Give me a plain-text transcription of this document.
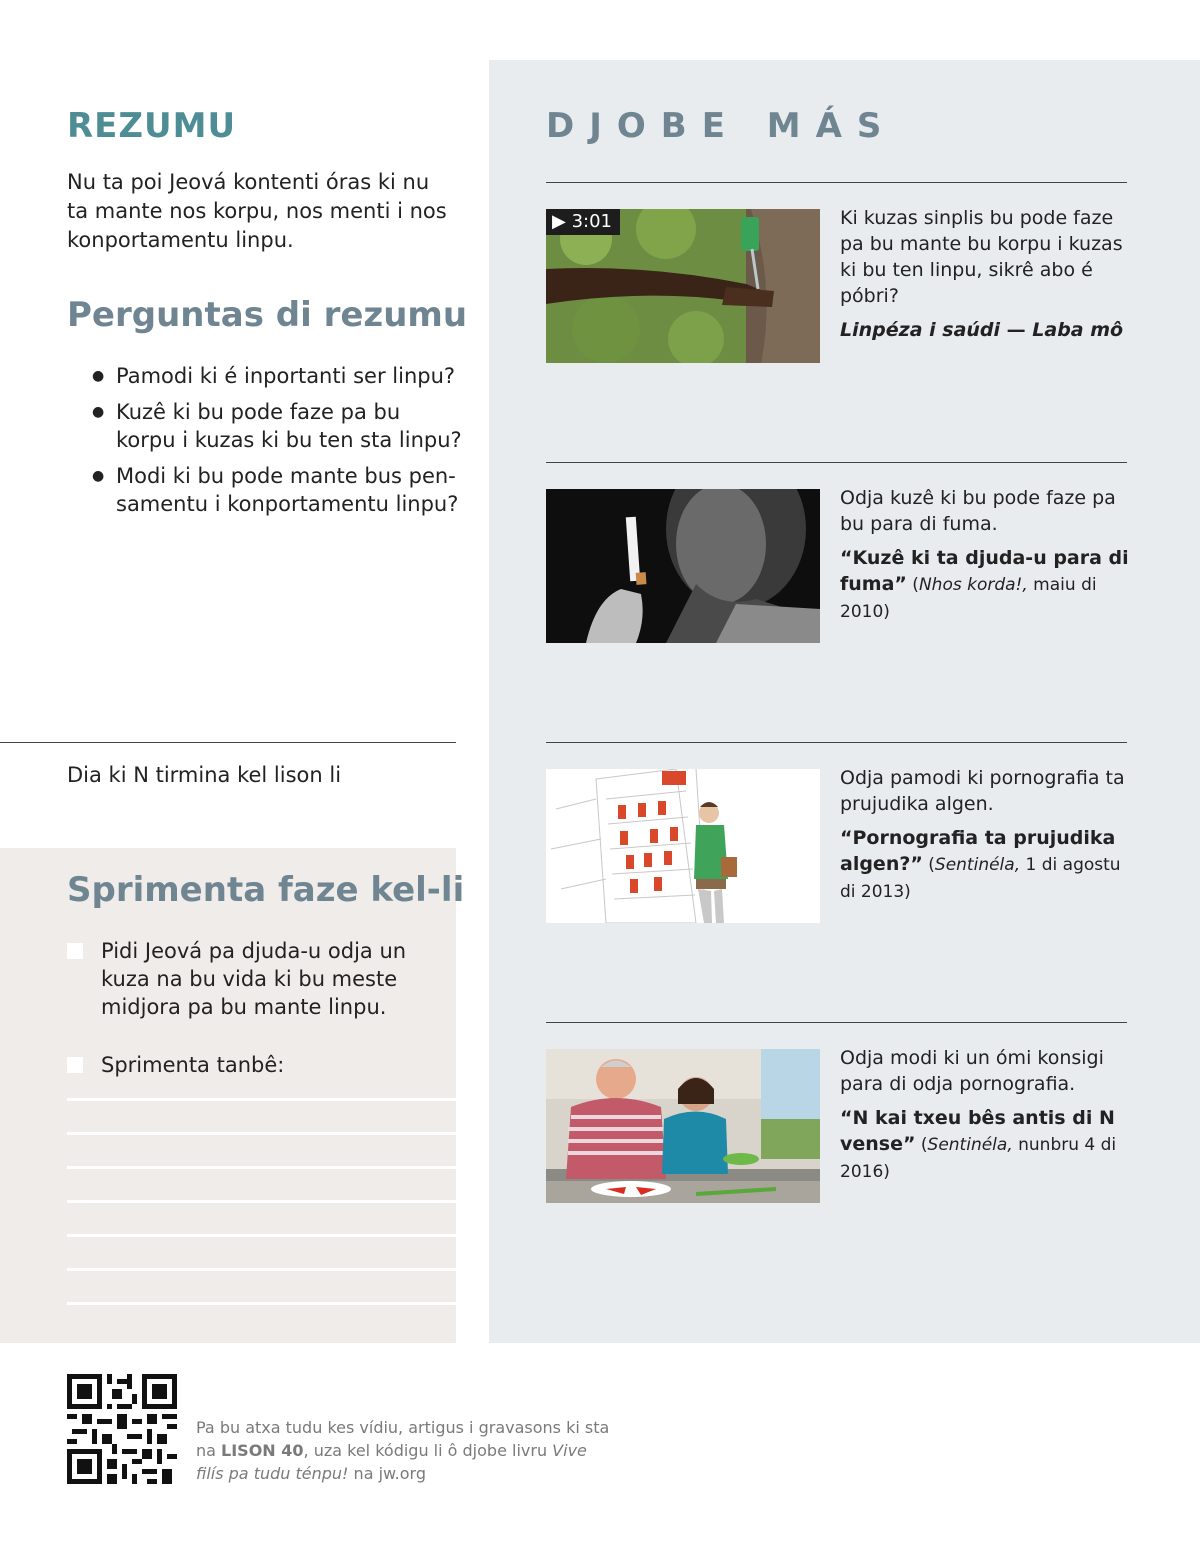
REZUMU

Nu ta poi Jeová kontenti óras ki nu ta mante nos korpu, nos menti i nos konportamentu linpu.

Perguntas di rezumu
● Pamodi ki é inportanti ser linpu?
● Kuzê ki bu pode faze pa bu korpu i kuzas ki bu ten sta linpu?
● Modi ki bu pode mante bus pen-samentu i konportamentu linpu?

Dia ki N tirmina kel lison li

Sprimenta faze kel-li
Pidi Jeová pa djuda-u odja un kuza na bu vida ki bu meste midjora pa bu mante linpu.
Sprimenta tanbê:
DJOBE MÁS
▶ 3:01	Ki kuzas sinplis bu pode faze pa bu mante bu korpu i kuzas ki bu ten linpu, sikrê abo é póbri?

Linpéza i saúdi — Laba mô

Odja kuzê ki bu pode faze pa bu para di fuma.

“Kuzê ki ta djuda-u para di fuma” (Nhos korda!, maiu di 2010)

Odja pamodi ki pornografia ta prujudika algen.

“Pornografia ta prujudika algen?” (Sentinéla, 1 di agostu di 2013)

Odja modi ki un ómi konsigi para di odja pornografia.

“N kai txeu bês antis di N vense” (Sentinéla, nunbru 4 di 2016)

Pa bu atxa tudu kes vídiu, artigus i gravasons ki sta na LISON 40, uza kel kódigu li ô djobe livru Vive filís pa tudu ténpu! na jw.org
